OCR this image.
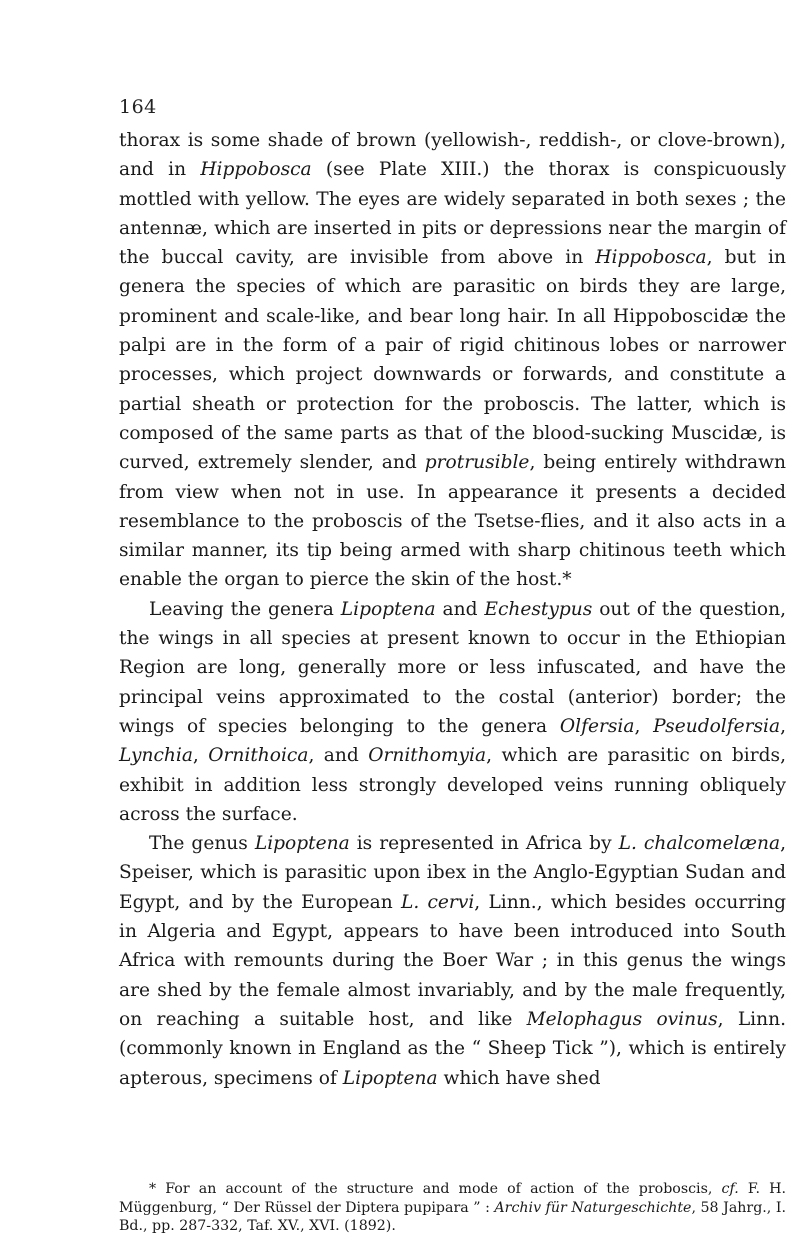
164

thorax is some shade of brown (yellowish-, reddish-, or clove-brown), and in Hippobosca (see Plate XIII.) the thorax is conspicuously mottled with yellow. The eyes are widely separated in both sexes ; the antennæ, which are inserted in pits or depressions near the margin of the buccal cavity, are invisible from above in Hippobosca, but in genera the species of which are parasitic on birds they are large, prominent and scale-like, and bear long hair. In all Hippoboscidæ the palpi are in the form of a pair of rigid chitinous lobes or narrower processes, which project downwards or forwards, and constitute a partial sheath or protection for the proboscis. The latter, which is composed of the same parts as that of the blood-sucking Muscidæ, is curved, extremely slender, and protrusible, being entirely withdrawn from view when not in use. In appearance it presents a decided resemblance to the proboscis of the Tsetse-flies, and it also acts in a similar manner, its tip being armed with sharp chitinous teeth which enable the organ to pierce the skin of the host.*

Leaving the genera Lipoptena and Echestypus out of the question, the wings in all species at present known to occur in the Ethiopian Region are long, generally more or less infuscated, and have the principal veins approximated to the costal (anterior) border; the wings of species belonging to the genera Olfersia, Pseudolfersia, Lynchia, Ornithoica, and Ornithomyia, which are parasitic on birds, exhibit in addition less strongly developed veins running obliquely across the surface.

The genus Lipoptena is represented in Africa by L. chalcomelæna, Speiser, which is parasitic upon ibex in the Anglo-Egyptian Sudan and Egypt, and by the European L. cervi, Linn., which besides occurring in Algeria and Egypt, appears to have been introduced into South Africa with remounts during the Boer War ; in this genus the wings are shed by the female almost invariably, and by the male frequently, on reaching a suitable host, and like Melophagus ovinus, Linn. (commonly known in England as the “ Sheep Tick ”), which is entirely apterous, specimens of Lipoptena which have shed

* For an account of the structure and mode of action of the proboscis, cf. F. H. Müggenburg, “ Der Rüssel der Diptera pupipara ” : Archiv für Naturgeschichte, 58 Jahrg., I. Bd., pp. 287-332, Taf. XV., XVI. (1892).
